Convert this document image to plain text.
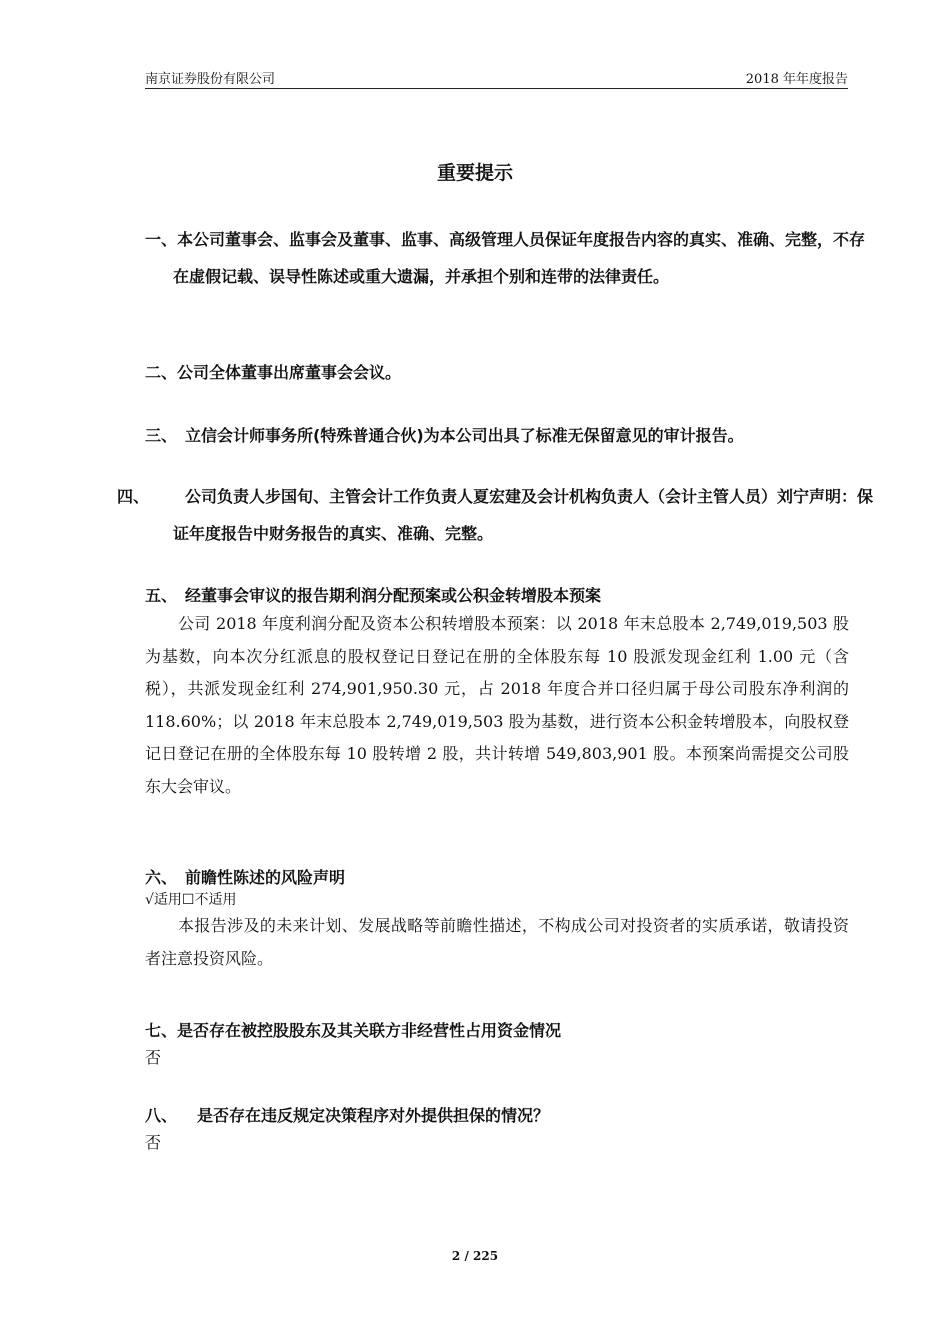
南京证券股份有限公司	2018 年年度报告
重要提示
一、本公司董事会、监事会及董事、监事、高级管理人员保证年度报告内容的真实、准确、完整，不存在虚假记载、误导性陈述或重大遗漏，并承担个别和连带的法律责任。
二、公司全体董事出席董事会会议。
三、 立信会计师事务所(特殊普通合伙)为本公司出具了标准无保留意见的审计报告。
四、 公司负责人步国旬、主管会计工作负责人夏宏建及会计机构负责人（会计主管人员）刘宁声明：保证年度报告中财务报告的真实、准确、完整。
五、 经董事会审议的报告期利润分配预案或公积金转增股本预案

公司 2018 年度利润分配及资本公积转增股本预案：以 2018 年末总股本 2,749,019,503 股为基数，向本次分红派息的股权登记日登记在册的全体股东每 10 股派发现金红利 1.00 元（含税），共派发现金红利 274,901,950.30 元，占 2018 年度合并口径归属于母公司股东净利润的 118.60%；以 2018 年末总股本 2,749,019,503 股为基数，进行资本公积金转增股本，向股权登记日登记在册的全体股东每 10 股转增 2 股，共计转增 549,803,901 股。本预案尚需提交公司股东大会审议。

六、 前瞻性陈述的风险声明
√适用☐不适用

本报告涉及的未来计划、发展战略等前瞻性描述，不构成公司对投资者的实质承诺，敬请投资者注意投资风险。

七、是否存在被控股股东及其关联方非经营性占用资金情况
否
八、 是否存在违反规定决策程序对外提供担保的情况？
否
2 / 225
